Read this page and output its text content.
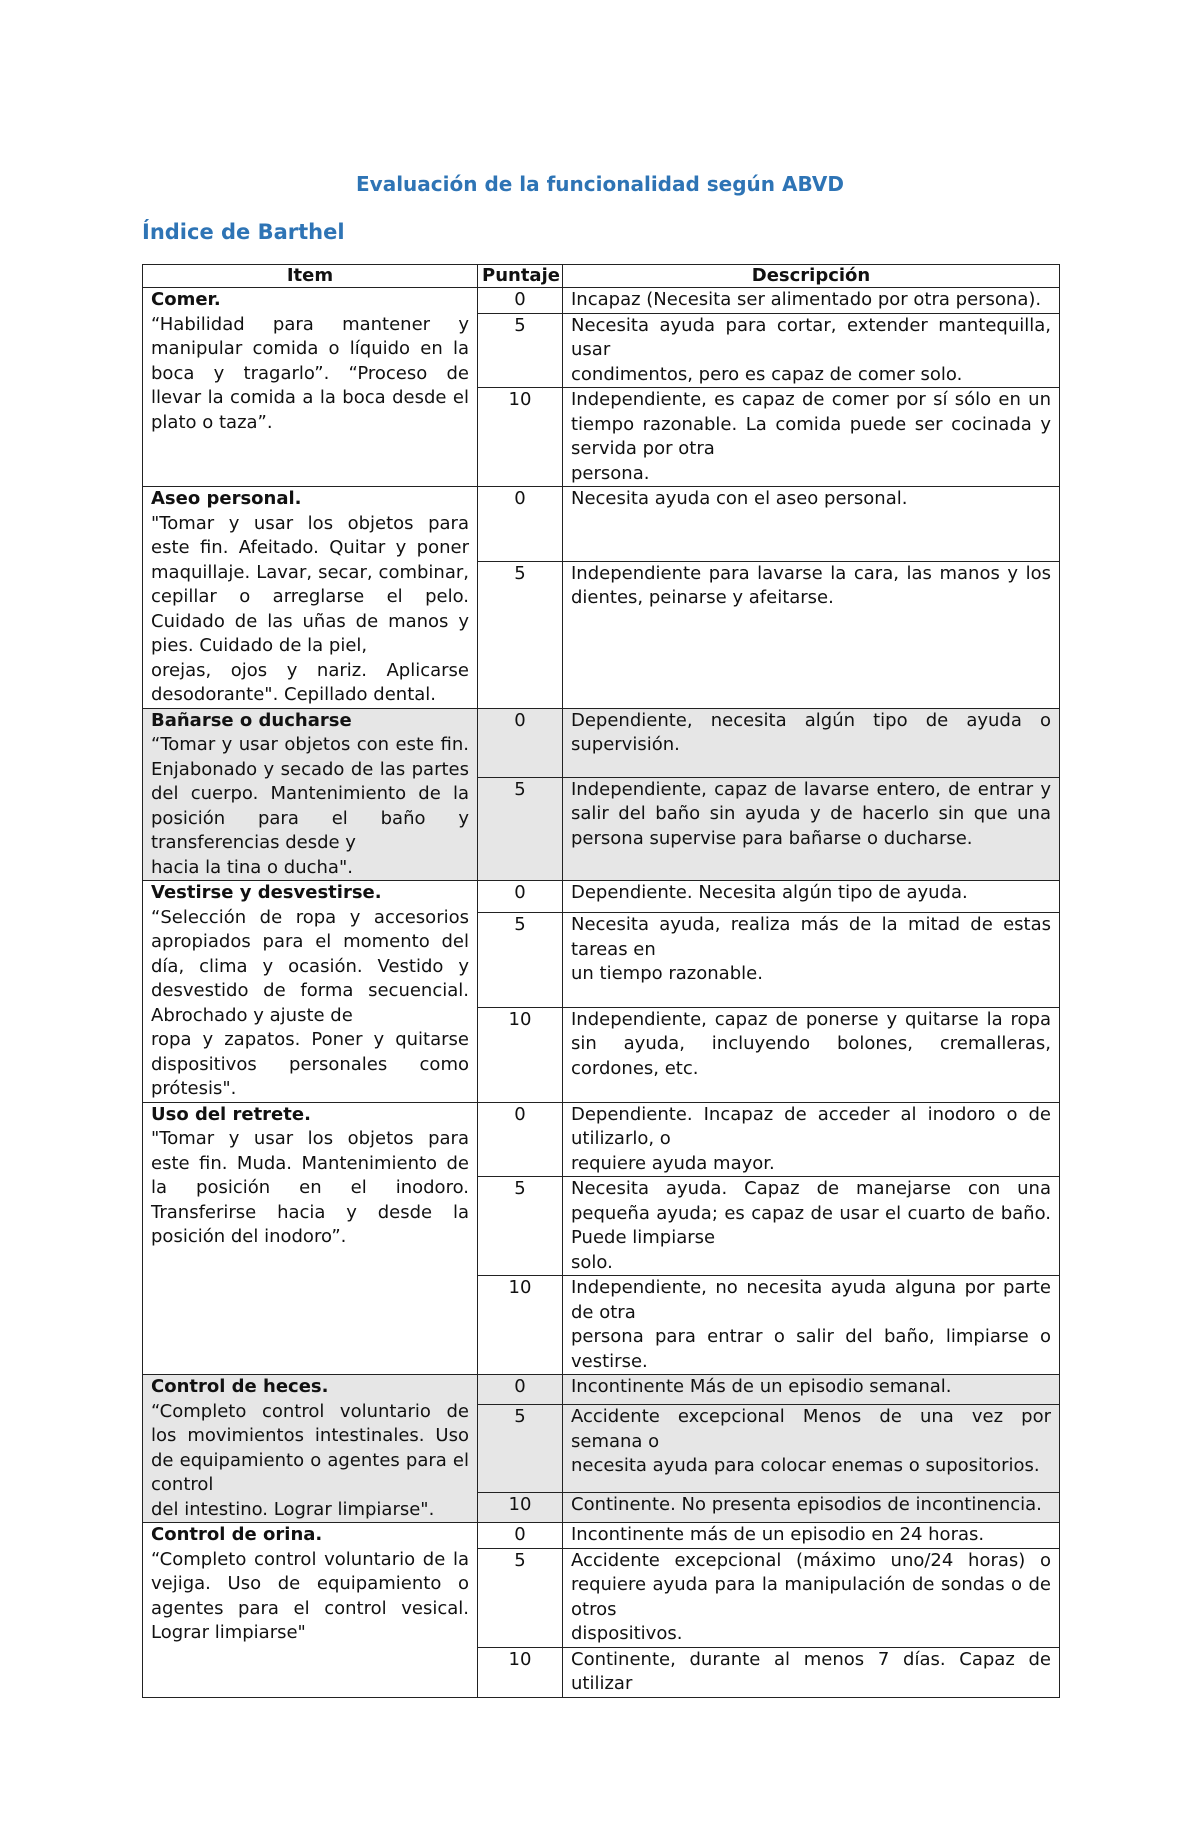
Evaluación de la funcionalidad según ABVD
Índice de Barthel
Item	Puntaje	Descripción

Comer.
“Habilidad para mantener y manipular comida o líquido en la boca y tragarlo”. “Proceso de llevar la comida a la boca desde el plato o taza”.	0	Incapaz (Necesita ser alimentado por otra persona).
	5	Necesita ayuda para cortar, extender mantequilla, usar
condimentos, pero es capaz de comer solo.
	10	Independiente, es capaz de comer por sí sólo en un tiempo razonable. La comida puede ser cocinada y servida por otra
persona.

Aseo personal.
"Tomar y usar los objetos para este fin. Afeitado. Quitar y poner maquillaje. Lavar, secar, combinar, cepillar o arreglarse el pelo. Cuidado de las uñas de manos y pies. Cuidado de la piel,
orejas, ojos y nariz. Aplicarse desodorante". Cepillado dental.	0	Necesita ayuda con el aseo personal.
	5	Independiente para lavarse la cara, las manos y los dientes, peinarse y afeitarse.

Bañarse o ducharse
“Tomar y usar objetos con este fin. Enjabonado y secado de las partes del cuerpo. Mantenimiento de la posición para el baño y transferencias desde y
hacia la tina o ducha".	0	Dependiente, necesita algún tipo de ayuda o supervisión.
	5	Independiente, capaz de lavarse entero, de entrar y salir del baño sin ayuda y de hacerlo sin que una persona supervise para bañarse o ducharse.

Vestirse y desvestirse.
“Selección de ropa y accesorios apropiados para el momento del día, clima y ocasión. Vestido y desvestido de forma secuencial. Abrochado y ajuste de
ropa y zapatos. Poner y quitarse dispositivos personales como prótesis".	0	Dependiente. Necesita algún tipo de ayuda.
	5	Necesita ayuda, realiza más de la mitad de estas tareas en
un tiempo razonable.
	10	Independiente, capaz de ponerse y quitarse la ropa sin ayuda, incluyendo bolones, cremalleras, cordones, etc.

Uso del retrete.
"Tomar y usar los objetos para este fin. Muda. Mantenimiento de la posición en el inodoro. Transferirse hacia y desde la posición del inodoro”.	0	Dependiente. Incapaz de acceder al inodoro o de utilizarlo, o
requiere ayuda mayor.
	5	Necesita ayuda. Capaz de manejarse con una pequeña ayuda; es capaz de usar el cuarto de baño. Puede limpiarse
solo.
	10	Independiente, no necesita ayuda alguna por parte de otra
persona para entrar o salir del baño, limpiarse o vestirse.

Control de heces.
“Completo control voluntario de los movimientos intestinales. Uso de equipamiento o agentes para el control
del intestino. Lograr limpiarse".	0	Incontinente Más de un episodio semanal.
	5	Accidente excepcional Menos de una vez por semana o
necesita ayuda para colocar enemas o supositorios.
	10	Continente. No presenta episodios de incontinencia.

Control de orina.
“Completo control voluntario de la vejiga. Uso de equipamiento o agentes para el control vesical. Lograr limpiarse"	0	Incontinente más de un episodio en 24 horas.
	5	Accidente excepcional (máximo uno/24 horas) o requiere ayuda para la manipulación de sondas o de otros
dispositivos.
	10	Continente, durante al menos 7 días. Capaz de utilizar
